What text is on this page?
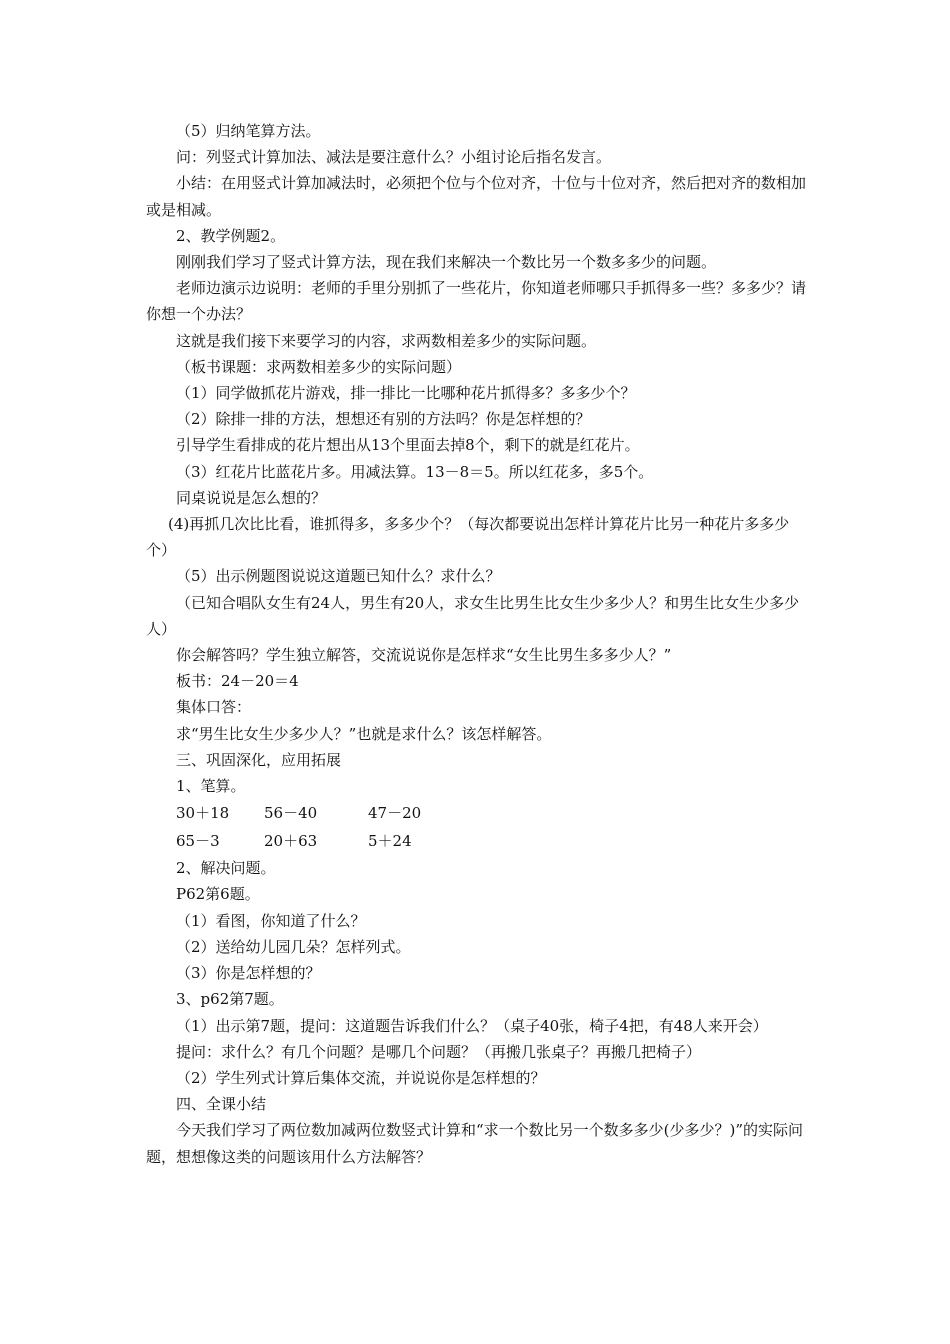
（5）归纳笔算方法。

问：列竖式计算加法、减法是要注意什么？小组讨论后指名发言。

小结：在用竖式计算加减法时，必须把个位与个位对齐，十位与十位对齐，然后把对齐的数相加或是相减。

2、教学例题2。

刚刚我们学习了竖式计算方法，现在我们来解决一个数比另一个数多多少的问题。

老师边演示边说明：老师的手里分别抓了一些花片，你知道老师哪只手抓得多一些？多多少？请你想一个办法？

这就是我们接下来要学习的内容，求两数相差多少的实际问题。

（板书课题：求两数相差多少的实际问题）

（1）同学做抓花片游戏，排一排比一比哪种花片抓得多？多多少个？

（2）除排一排的方法，想想还有别的方法吗？你是怎样想的？

引导学生看排成的花片想出从13个里面去掉8个，剩下的就是红花片。

（3）红花片比蓝花片多。用减法算。13－8＝5。所以红花多，多5个。

同桌说说是怎么想的？

(4)再抓几次比比看，谁抓得多，多多少个？（每次都要说出怎样计算花片比另一种花片多多少个）

（5）出示例题图说说这道题已知什么？求什么？

（已知合唱队女生有24人，男生有20人，求女生比男生比女生少多少人？和男生比女生少多少人）

你会解答吗？学生独立解答，交流说说你是怎样求“女生比男生多多少人？”

板书：24－20＝4

集体口答：

求“男生比女生少多少人？”也就是求什么？该怎样解答。

三、巩固深化，应用拓展

1、笔算。

30＋18	56－40	47－20
65－3	20＋63	5＋24

2、解决问题。

P62第6题。

（1）看图，你知道了什么？

（2）送给幼儿园几朵？怎样列式。

（3）你是怎样想的？

3、p62第7题。

（1）出示第7题，提问：这道题告诉我们什么？（桌子40张，椅子4把，有48人来开会）

提问：求什么？有几个问题？是哪几个问题？（再搬几张桌子？再搬几把椅子）

（2）学生列式计算后集体交流，并说说你是怎样想的？

四、全课小结

今天我们学习了两位数加减两位数竖式计算和“求一个数比另一个数多多少(少多少？)”的实际问题，想想像这类的问题该用什么方法解答？
